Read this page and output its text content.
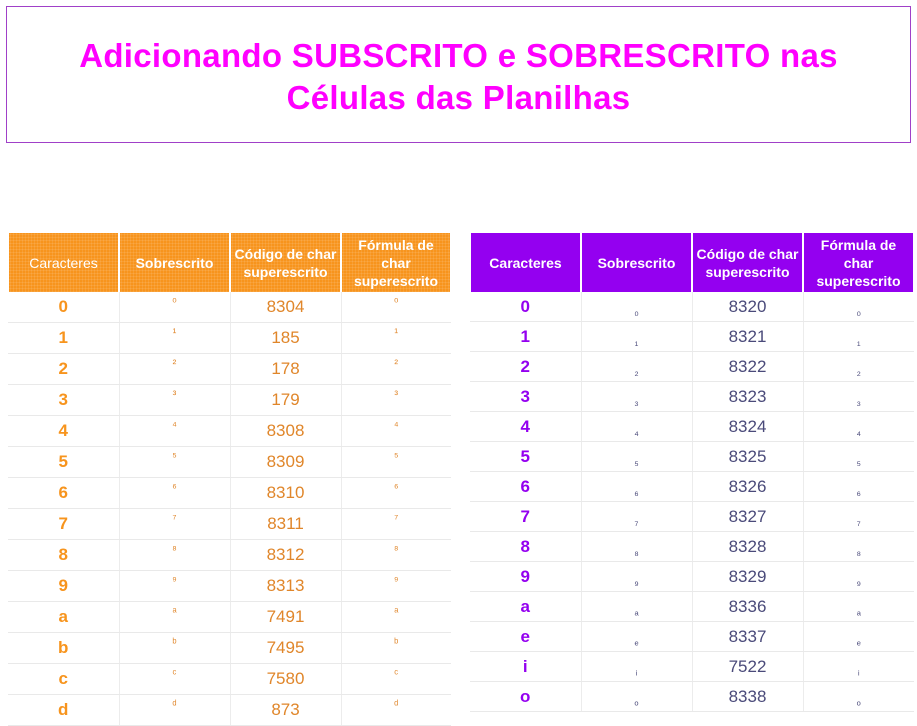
Adicionando SUBSCRITO e SOBRESCRITO nas
Células das Planilhas
Caracteres	Sobrescrito	Código de char superescrito	Fórmula de char superescrito
0	⁰	8304	⁰
1	¹	185	¹
2	²	178	²
3	³	179	³
4	⁴	8308	⁴
5	⁵	8309	⁵
6	⁶	8310	⁶
7	⁷	8311	⁷
8	⁸	8312	⁸
9	⁹	8313	⁹
a	ᵃ	7491	ᵃ
b	ᵇ	7495	ᵇ
c	ᶜ	7580	ᶜ
d	ᵈ	873	ᵈ
Caracteres	Sobrescrito	Código de char superescrito	Fórmula de char superescrito
0	₀	8320	₀
1	₁	8321	₁
2	₂	8322	₂
3	₃	8323	₃
4	₄	8324	₄
5	₅	8325	₅
6	₆	8326	₆
7	₇	8327	₇
8	₈	8328	₈
9	₉	8329	₉
a	ₐ	8336	ₐ
e	ₑ	8337	ₑ
i	ᵢ	7522	ᵢ
o	ₒ	8338	ₒ
